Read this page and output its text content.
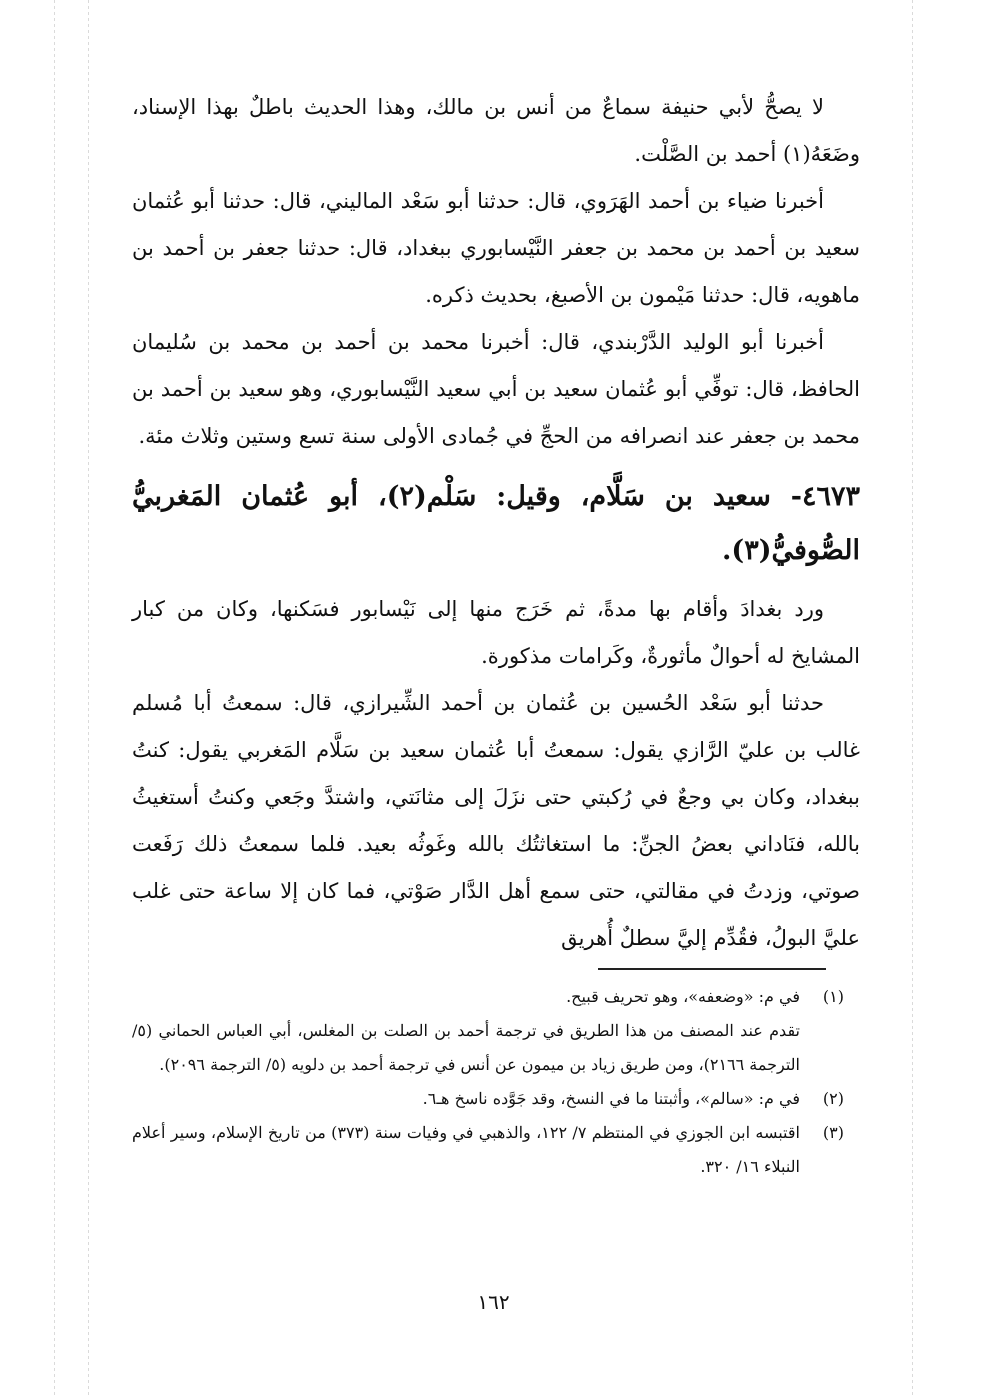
لا يصحُّ لأبي حنيفة سماعٌ من أنس بن مالك، وهذا الحديث باطلٌ بهذا الإسناد، وضَعَهُ(١) أحمد بن الصَّلْت.

أخبرنا ضياء بن أحمد الهَرَوي، قال: حدثنا أبو سَعْد الماليني، قال: حدثنا أبو عُثمان سعيد بن أحمد بن محمد بن جعفر النَّيْسابوري ببغداد، قال: حدثنا جعفر بن أحمد بن ماهويه، قال: حدثنا مَيْمون بن الأصبغ، بحديث ذكره.

أخبرنا أبو الوليد الدَّرْبندي، قال: أخبرنا محمد بن أحمد بن محمد بن سُليمان الحافظ، قال: توفِّي أبو عُثمان سعيد بن أبي سعيد النَّيْسابوري، وهو سعيد بن أحمد بن محمد بن جعفر عند انصرافه من الحجِّ في جُمادى الأولى سنة تسع وستين وثلاث مئة.

٤٦٧٣- سعيد بن سَلَّام، وقيل: سَلْم(٢)، أبو عُثمان المَغربيُّ الصُّوفيُّ(٣).

ورد بغدادَ وأقام بها مدةً، ثم خَرَج منها إلى نَيْسابور فسَكنها، وكان من كبار المشايخ له أحوالٌ مأثورةٌ، وكَرامات مذكورة.

حدثنا أبو سَعْد الحُسين بن عُثمان بن أحمد الشِّيرازي، قال: سمعتُ أبا مُسلم غالب بن عليّ الرَّازي يقول: سمعتُ أبا عُثمان سعيد بن سَلَّام المَغربي يقول: كنتُ ببغداد، وكان بي وجعٌ في رُكبتي حتى نزَلَ إلى مثانَتي، واشتدَّ وجَعي وكنتُ أستغيثُ بالله، فنَاداني بعضُ الجنِّ: ما استغاثتُك بالله وغَوثُه بعيد. فلما سمعتُ ذلك رَفَعت صوتي، وزدتُ في مقالتي، حتى سمع أهل الدَّار صَوْتي، فما كان إلا ساعة حتى غلب عليَّ البولُ، فقُدِّم إليَّ سطلٌ أُهريق

(١)
في م: «وضعفه»، وهو تحريف قبيح.
تقدم عند المصنف من هذا الطريق في ترجمة أحمد بن الصلت بن المغلس، أبي العباس الحماني (٥/ الترجمة ٢١٦٦)، ومن طريق زياد بن ميمون عن أنس في ترجمة أحمد بن دلويه (٥/ الترجمة ٢٠٩٦).
(٢)
في م: «سالم»، وأثبتنا ما في النسخ، وقد جَوَّده ناسخ هـ٦.
(٣)
اقتبسه ابن الجوزي في المنتظم ٧/ ١٢٢، والذهبي في وفيات سنة (٣٧٣) من تاريخ الإسلام، وسير أعلام النبلاء ١٦/ ٣٢٠.
١٦٢
